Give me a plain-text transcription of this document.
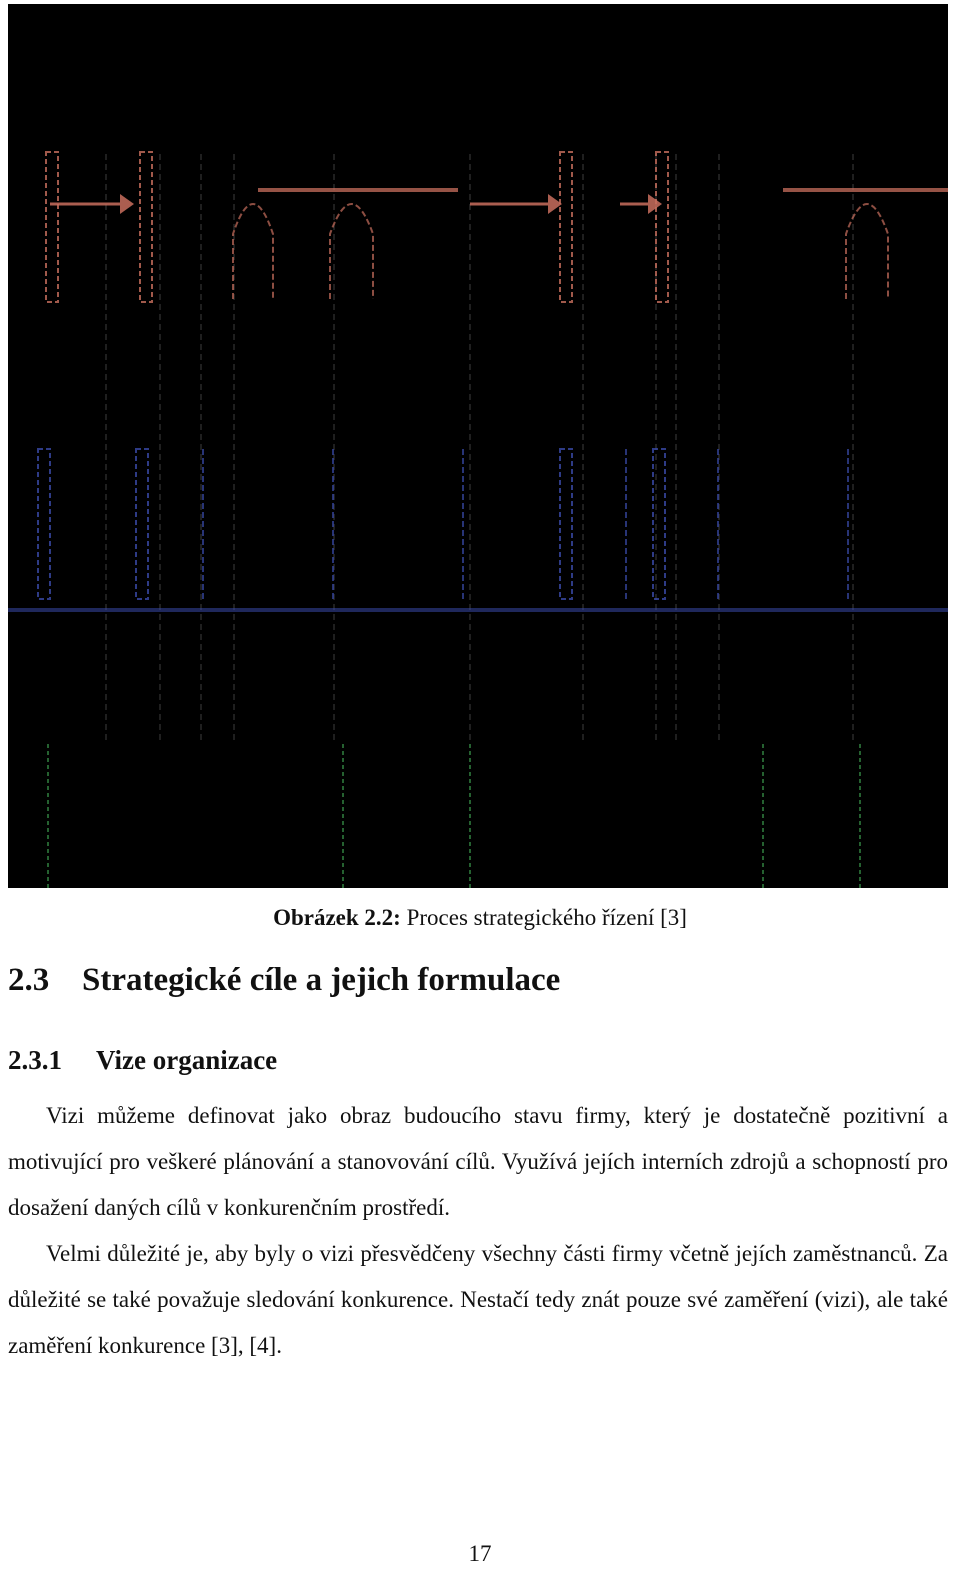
Obrázek 2.2: Proces strategického řízení [3]
2.3 Strategické cíle a jejich formulace
2.3.1 Vize organizace

Vizi můžeme definovat jako obraz budoucího stavu firmy, který je dostatečně pozitivní a motivující pro veškeré plánování a stanovování cílů. Využívá jejích interních zdrojů a schopností pro dosažení daných cílů v konkurenčním prostředí.

Velmi důležité je, aby byly o vizi přesvědčeny všechny části firmy včetně jejích zaměstnanců. Za důležité se také považuje sledování konkurence. Nestačí tedy znát pouze své zaměření (vizi), ale také zaměření konkurence [3], [4].

17
